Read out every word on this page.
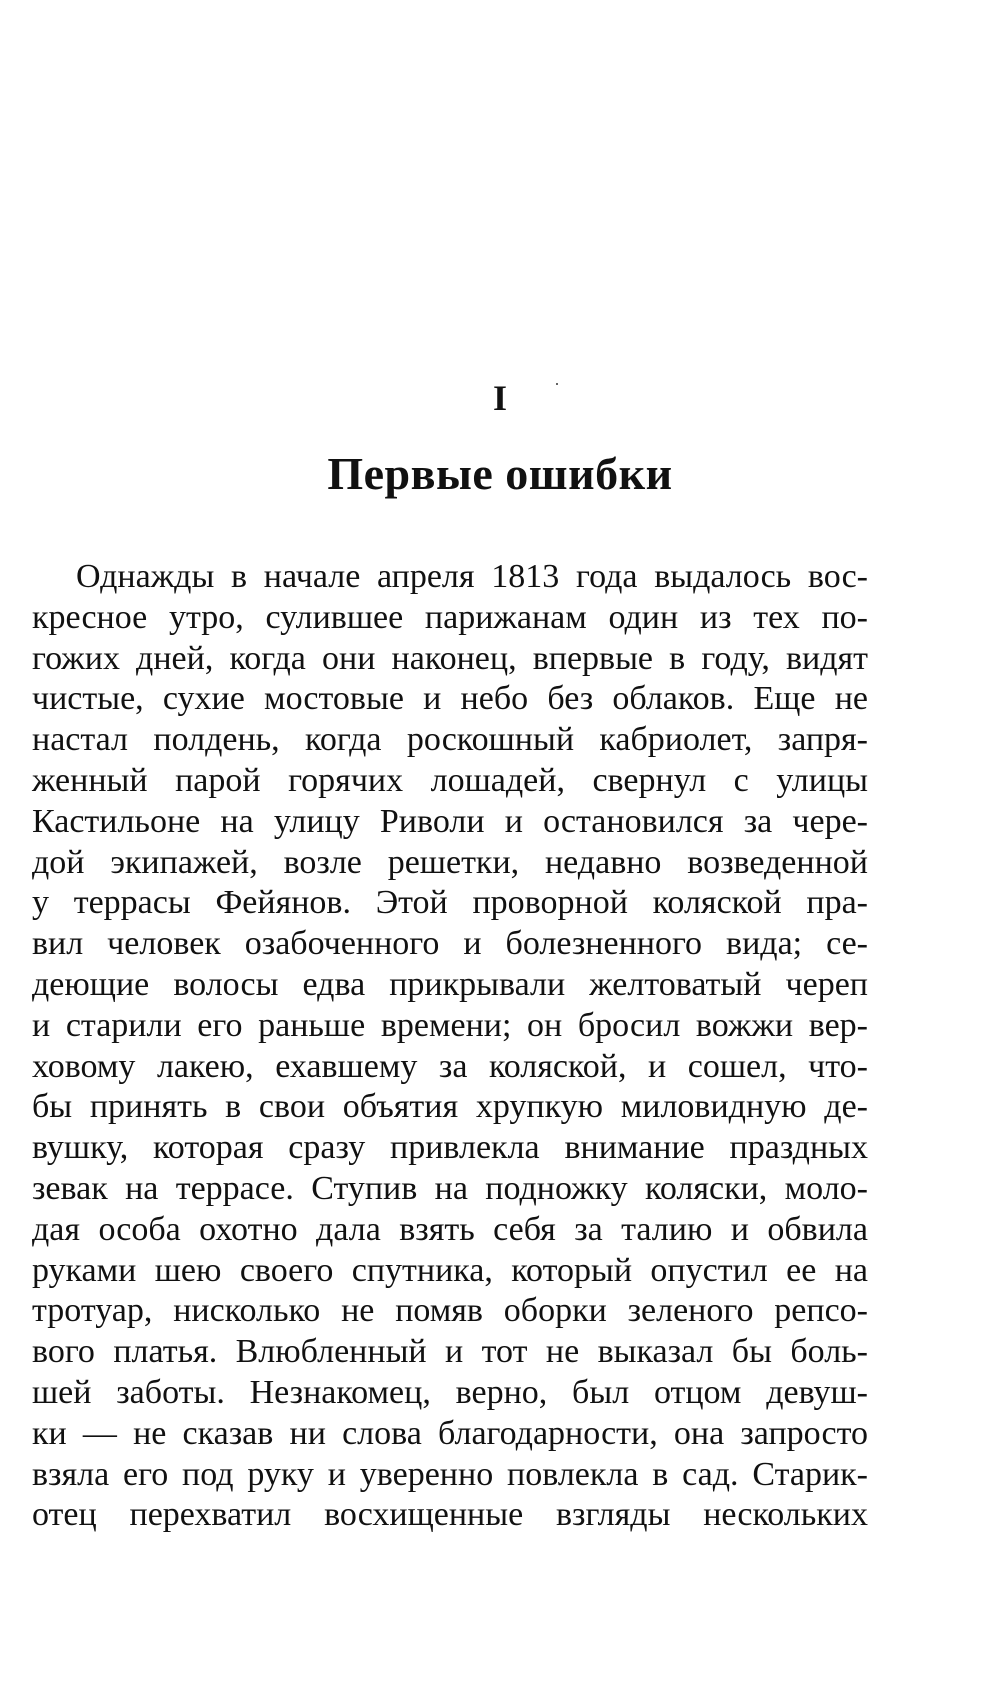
I
Первые ошибки
Однажды в начале апреля 1813 года выдалось вос-
кресное утро, сулившее парижанам один из тех по-
гожих дней, когда они наконец, впервые в году, видят
чистые, сухие мостовые и небо без облаков. Еще не
настал полдень, когда роскошный кабриолет, запря-
женный парой горячих лошадей, свернул с улицы
Кастильоне на улицу Риволи и остановился за чере-
дой экипажей, возле решетки, недавно возведенной
у террасы Фейянов. Этой проворной коляской пра-
вил человек озабоченного и болезненного вида; се-
деющие волосы едва прикрывали желтоватый череп
и старили его раньше времени; он бросил вожжи вер-
ховому лакею, ехавшему за коляской, и сошел, что-
бы принять в свои объятия хрупкую миловидную де-
вушку, которая сразу привлекла внимание праздных
зевак на террасе. Ступив на подножку коляски, моло-
дая особа охотно дала взять себя за талию и обвила
руками шею своего спутника, который опустил ее на
тротуар, нисколько не помяв оборки зеленого репсо-
вого платья. Влюбленный и тот не выказал бы боль-
шей заботы. Незнакомец, верно, был отцом девуш-
ки — не сказав ни слова благодарности, она запросто
взяла его под руку и уверенно повлекла в сад. Старик-
отец перехватил восхищенные взгляды нескольких
